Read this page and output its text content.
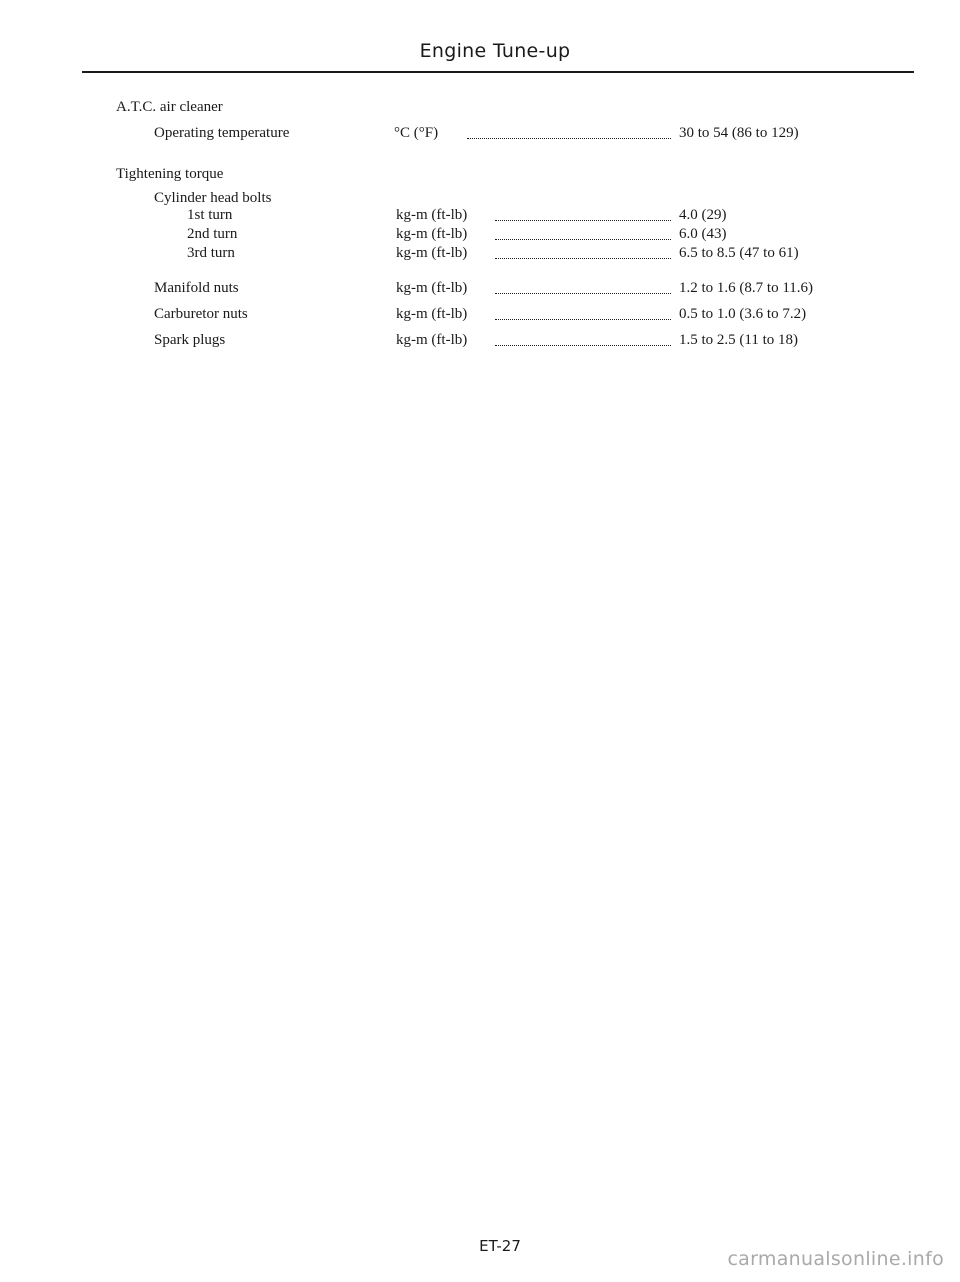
Engine Tune-up
A.T.C. air cleaner
Operating temperature	°C (°F)	30 to 54 (86 to 129)
Tightening torque
Cylinder head bolts
1st turn	kg-m (ft-lb)	4.0 (29)
2nd turn	kg-m (ft-lb)	6.0 (43)
3rd turn	kg-m (ft-lb)	6.5 to 8.5 (47 to 61)
Manifold nuts	kg-m (ft-lb)	1.2 to 1.6 (8.7 to 11.6)
Carburetor nuts	kg-m (ft-lb)	0.5 to 1.0 (3.6 to 7.2)
Spark plugs	kg-m (ft-lb)	1.5 to 2.5 (11 to 18)
ET-27
carmanualsonline.info
